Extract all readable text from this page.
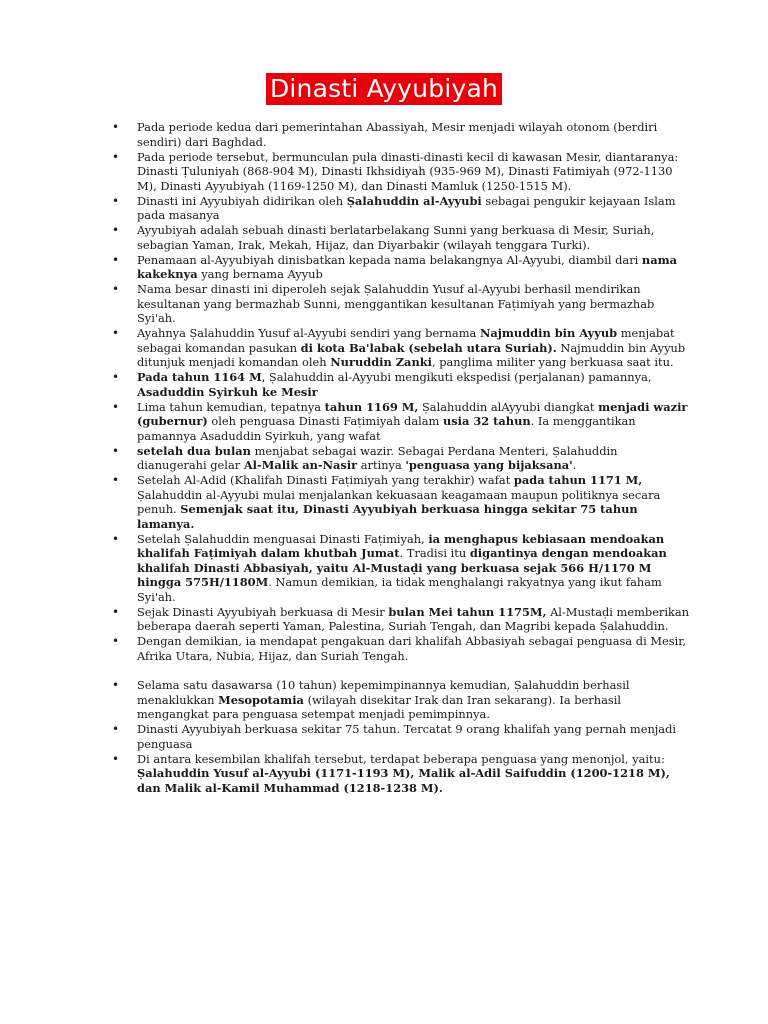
Dinasti Ayyubiyah
• Pada periode kedua dari pemerintahan Abassiyah, Mesir menjadi wilayah otonom (berdiri sendiri) dari Baghdad.
• Pada periode tersebut, bermunculan pula dinasti-dinasti kecil di kawasan Mesir, diantaranya: Dinasti Ṭuluniyah (868-904 M), Dinasti Ikhsidiyah (935-969 M), Dinasti Fatimiyah (972-1130 M), Dinasti Ayyubiyah (1169-1250 M), dan Dinasti Mamluk (1250-1515 M).
• Dinasti ini Ayyubiyah didirikan oleh Ṣalahuddin al-Ayyubi sebagai pengukir kejayaan Islam pada masanya
• Ayyubiyah adalah sebuah dinasti berlatarbelakang Sunni yang berkuasa di Mesir, Suriah,
sebagian Yaman, Irak, Mekah, Hijaz, dan Diyarbakir (wilayah tenggara Turki).
• Penamaan al-Ayyubiyah dinisbatkan kepada nama belakangnya Al-Ayyubi, diambil dari nama kakeknya yang bernama Ayyub
• Nama besar dinasti ini diperoleh sejak Ṣalahuddin Yusuf al-Ayyubi berhasil mendirikan kesultanan yang bermazhab Sunni, menggantikan kesultanan Faṭimiyah yang bermazhab Syi'ah.
• Ayahnya Ṣalahuddin Yusuf al-Ayyubi sendiri yang bernama Najmuddin bin Ayyub menjabat sebagai komandan pasukan di kota Ba'labak (sebelah utara Suriah). Najmuddin bin Ayyub ditunjuk menjadi komandan oleh Nuruddin Zanki, panglima militer yang berkuasa saat itu.
• Pada tahun 1164 M, Ṣalahuddin al-Ayyubi mengikuti ekspedisi (perjalanan) pamannya,
Asaduddin Syirkuh ke Mesir
• Lima tahun kemudian, tepatnya tahun 1169 M, Ṣalahuddin alAyyubi diangkat menjadi wazir (gubernur) oleh penguasa Dinasti Faṭimiyah dalam usia 32 tahun. Ia menggantikan pamannya Asaduddin Syirkuh, yang wafat
• setelah dua bulan menjabat sebagai wazir. Sebagai Perdana Menteri, Ṣalahuddin dianugerahi gelar Al-Malik an-Nasir artinya 'penguasa yang bijaksana'.
• Setelah Al-Adid (Khalifah Dinasti Faṭimiyah yang terakhir) wafat pada tahun 1171 M,
Ṣalahuddin al-Ayyubi mulai menjalankan kekuasaan keagamaan maupun politiknya secara penuh. Semenjak saat itu, Dinasti Ayyubiyah berkuasa hingga sekitar 75 tahun lamanya.
• Setelah Ṣalahuddin menguasai Dinasti Faṭimiyah, ia menghapus kebiasaan mendoakan khalifah Faṭimiyah dalam khutbah Jumat. Tradisi itu digantinya dengan mendoakan khalifah Dinasti Abbasiyah, yaitu Al-Mustaḍi yang berkuasa sejak 566 H/1170 M hingga 575H/1180M. Namun demikian, ia tidak menghalangi rakyatnya yang ikut faham Syi'ah.
• Sejak Dinasti Ayyubiyah berkuasa di Mesir bulan Mei tahun 1175M, Al-Mustaḍi memberikan beberapa daerah seperti Yaman, Palestina, Suriah Tengah, dan Magribi kepada Ṣalahuddin.
• Dengan demikian, ia mendapat pengakuan dari khalifah Abbasiyah sebagai penguasa di Mesir, Afrika Utara, Nubia, Hijaz, dan Suriah Tengah.
• Selama satu dasawarsa (10 tahun) kepemimpinannya kemudian, Ṣalahuddin berhasil menaklukkan Mesopotamia (wilayah disekitar Irak dan Iran sekarang). Ia berhasil mengangkat para penguasa setempat menjadi pemimpinnya.
• Dinasti Ayyubiyah berkuasa sekitar 75 tahun. Tercatat 9 orang khalifah yang pernah menjadi penguasa
• Di antara kesembilan khalifah tersebut, terdapat beberapa penguasa yang menonjol, yaitu:
Ṣalahuddin Yusuf al-Ayyubi (1171-1193 M), Malik al-Adil Saifuddin (1200-1218 M), dan Malik al-Kamil Muhammad (1218-1238 M).
